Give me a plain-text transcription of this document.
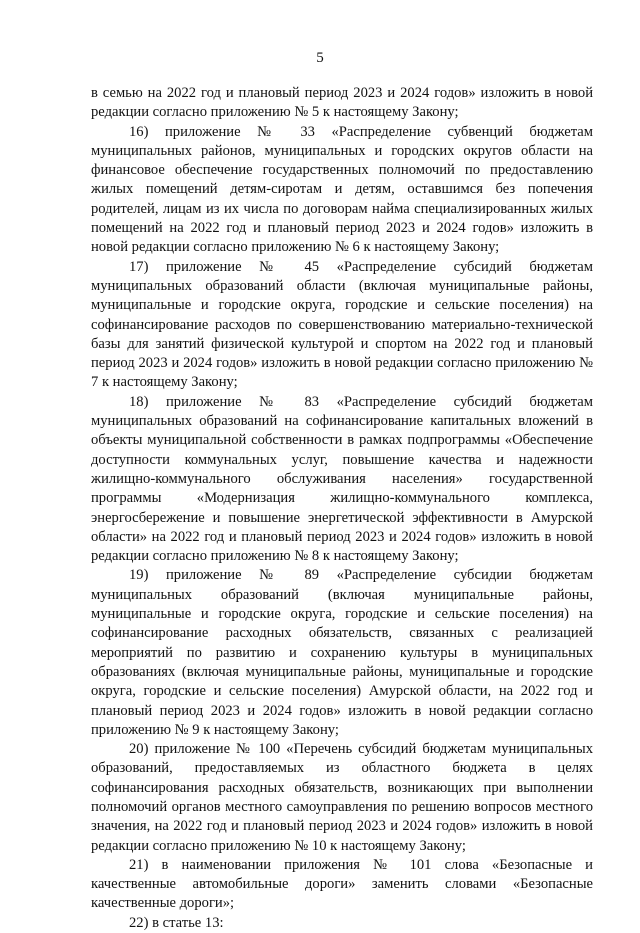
5

в семью на 2022 год и плановый период 2023 и 2024 годов» изложить в новой редакции согласно приложению № 5 к настоящему Закону;

16) приложение № 33 «Распределение субвенций бюджетам муниципальных районов, муниципальных и городских округов области на финансовое обеспечение государственных полномочий по предоставлению жилых помещений детям-сиротам и детям, оставшимся без попечения родителей, лицам из их числа по договорам найма специализированных жилых помещений на 2022 год и плановый период 2023 и 2024 годов» изложить в новой редакции согласно приложению № 6 к настоящему Закону;

17) приложение № 45 «Распределение субсидий бюджетам муниципальных образований области (включая муниципальные районы, муниципальные и городские округа, городские и сельские поселения) на софинансирование расходов по совершенствованию материально-технической базы для занятий физической культурой и спортом на 2022 год и плановый период 2023 и 2024 годов» изложить в новой редакции согласно приложению № 7 к настоящему Закону;

18) приложение № 83 «Распределение субсидий бюджетам муниципальных образований на софинансирование капитальных вложений в объекты муниципальной собственности в рамках подпрограммы «Обеспечение доступности коммунальных услуг, повышение качества и надежности жилищно-коммунального обслуживания населения» государственной программы «Модернизация жилищно-коммунального комплекса, энергосбережение и повышение энергетической эффективности в Амурской области» на 2022 год и плановый период 2023 и 2024 годов» изложить в новой редакции согласно приложению № 8 к настоящему Закону;

19) приложение № 89 «Распределение субсидии бюджетам муниципальных образований (включая муниципальные районы, муниципальные и городские округа, городские и сельские поселения) на софинансирование расходных обязательств, связанных с реализацией мероприятий по развитию и сохранению культуры в муниципальных образованиях (включая муниципальные районы, муниципальные и городские округа, городские и сельские поселения) Амурской области, на 2022 год и плановый период 2023 и 2024 годов» изложить в новой редакции согласно приложению № 9 к настоящему Закону;

20) приложение № 100 «Перечень субсидий бюджетам муниципальных образований, предоставляемых из областного бюджета в целях софинансирования расходных обязательств, возникающих при выполнении полномочий органов местного самоуправления по решению вопросов местного значения, на 2022 год и плановый период 2023 и 2024 годов» изложить в новой редакции согласно приложению № 10 к настоящему Закону;

21) в наименовании приложения № 101 слова «Безопасные и качественные автомобильные дороги» заменить словами «Безопасные качественные дороги»;

22) в статье 13:
